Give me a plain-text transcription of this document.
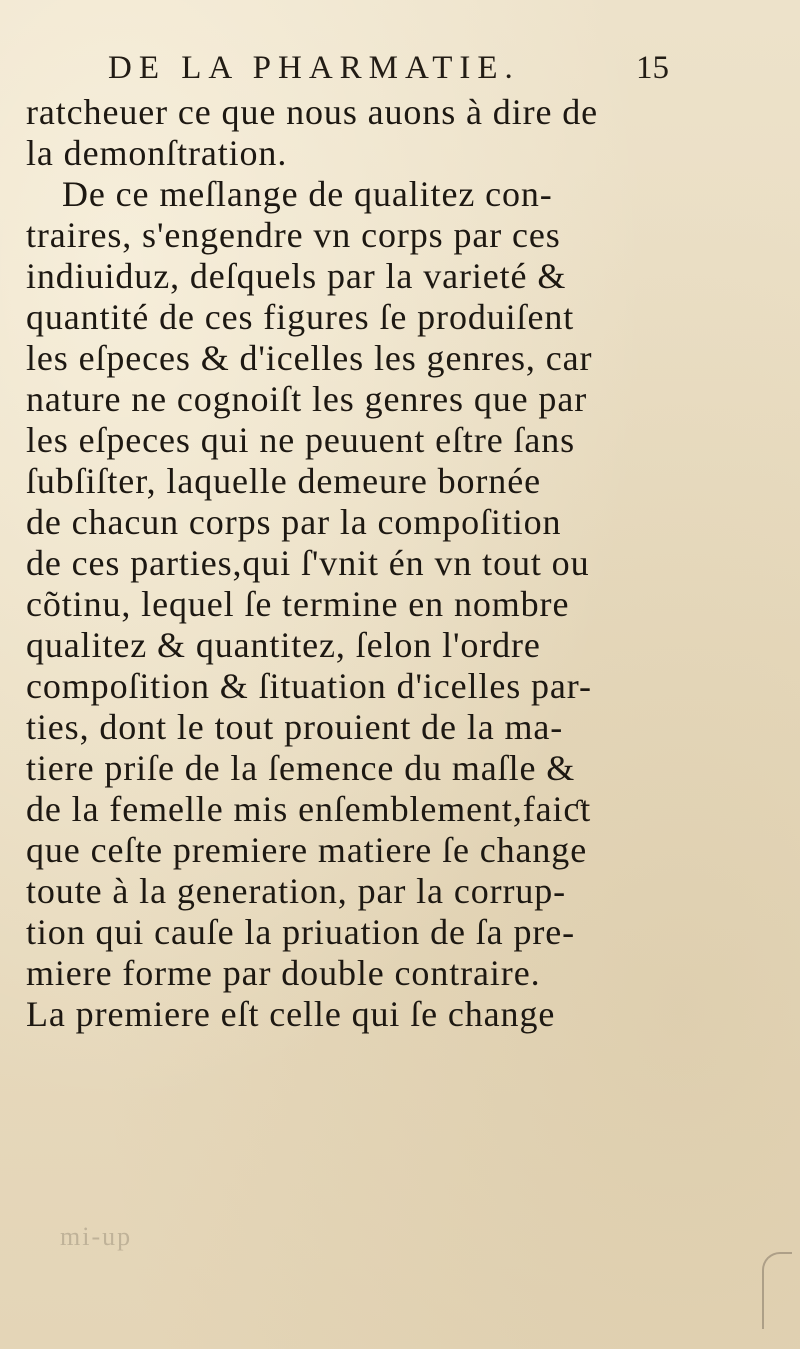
DE LA PHARMATIE.	15
ratcheuer ce que nous auons à dire de
la demonſtration.
De ce meſlange de qualitez con-
traires, s'engendre vn corps par ces
indiuiduz, deſquels par la varieté &
quantité de ces figures ſe produiſent
les eſpeces & d'icelles les genres, car
nature ne cognoiſt les genres que par
les eſpeces qui ne peuuent eſtre ſans
ſubſiſter, laquelle demeure bornée
de chacun corps par la compoſition
de ces parties,qui ſ'vnit én vn tout ou
cõtinu, lequel ſe termine en nombre
qualitez & quantitez, ſelon l'ordre
compoſition & ſituation d'icelles par-
ties, dont le tout prouient de la ma-
tiere priſe de la ſemence du maſle &
de la femelle mis enſemblement,faiƈt
que ceſte premiere matiere ſe change
toute à la generation, par la corrup-
tion qui cauſe la priuation de ſa pre-
miere forme par double contraire.
La premiere eſt celle qui ſe change
mi-up
